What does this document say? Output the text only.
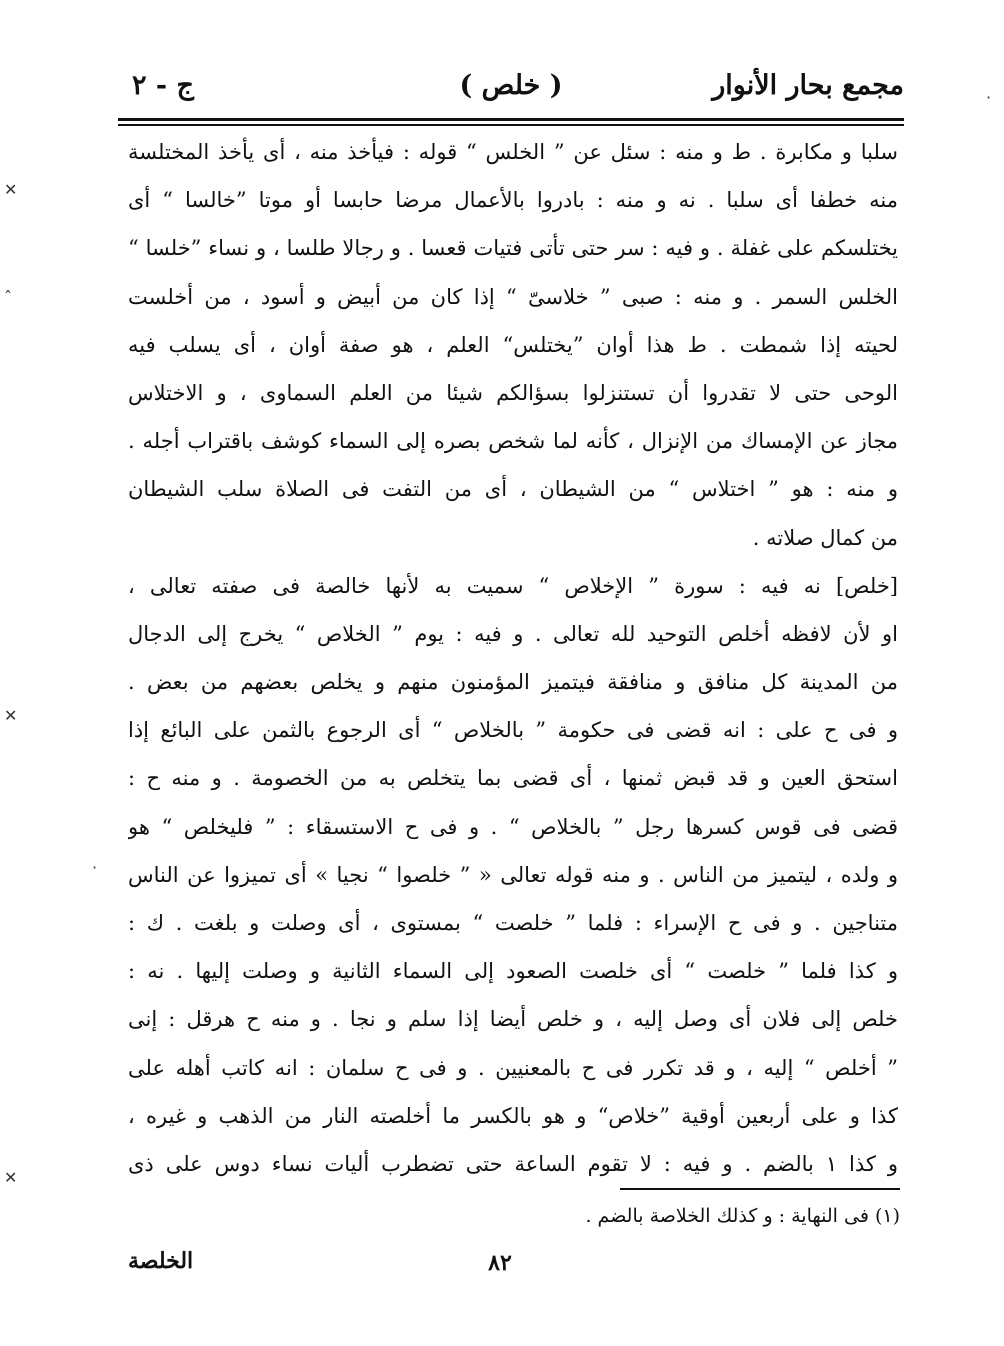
مجمع بحار الأنوار
( خلص )
ج - ٢
سلبا و مكابرة . ط و منه : سئل عن ” الخلس “ قوله : فيأخذ منه ، أى يأخذ المختلسة
منه خطفا أى سلبا . نه و منه : بادروا بالأعمال مرضا حابسا أو موتا ”خالسا “ أى
يختلسكم على غفلة . و فيه : سر حتى تأتى فتيات قعسا . و رجالا طلسا ، و نساء ”خلسا “
الخلس السمر . و منه : صبى ” خلاسىّ “ إذا كان من أبيض و أسود ، من أخلست
لحيته إذا شمطت . ط هذا أوان ”يختلس“ العلم ، هو صفة أوان ، أى يسلب فيه
الوحى حتى لا تقدروا أن تستنزلوا بسؤالكم شيئا من العلم السماوى ، و الاختلاس
مجاز عن الإمساك من الإنزال ، كأنه لما شخص بصره إلى السماء كوشف باقتراب أجله .
و منه : هو ” اختلاس “ من الشيطان ، أى من التفت فى الصلاة سلب الشيطان
من كمال صلاته .
[خلص] نه فيه : سورة ” الإخلاص “ سميت به لأنها خالصة فى صفته تعالى ،
او لأن لافظه أخلص التوحيد لله تعالى . و فيه : يوم ” الخلاص “ يخرج إلى الدجال
من المدينة كل منافق و منافقة فيتميز المؤمنون منهم و يخلص بعضهم من بعض .
و فى ح على : انه قضى فى حكومة ” بالخلاص “ أى الرجوع بالثمن على البائع إذا
استحق العين و قد قبض ثمنها ، أى قضى بما يتخلص به من الخصومة . و منه ح :
قضى فى قوس كسرها رجل ” بالخلاص “ . و فى ح الاستسقاء : ” فليخلص “ هو
و ولده ، ليتميز من الناس . و منه قوله تعالى « ” خلصوا “ نجيا » أى تميزوا عن الناس
متناجين . و فى ح الإسراء : فلما ” خلصت “ بمستوى ، أى وصلت و بلغت . ك :
و كذا فلما ” خلصت “ أى خلصت الصعود إلى السماء الثانية و وصلت إليها . نه :
خلص إلى فلان أى وصل إليه ، و خلص أيضا إذا سلم و نجا . و منه ح هرقل : إنى
” أخلص “ إليه ، و قد تكرر فى ح بالمعنيين . و فى ح سلمان : انه كاتب أهله على
كذا و على أربعين أوقية ”خلاص“ و هو بالكسر ما أخلصته النار من الذهب و غيره ،
و كذا ١ بالضم . و فيه : لا تقوم الساعة حتى تضطرب أليات نساء دوس على ذى
(١) فى النهاية : و كذلك الخلاصة بالضم .
٨٢
الخلصة
✕
ˆ
✕
·
✕
·
